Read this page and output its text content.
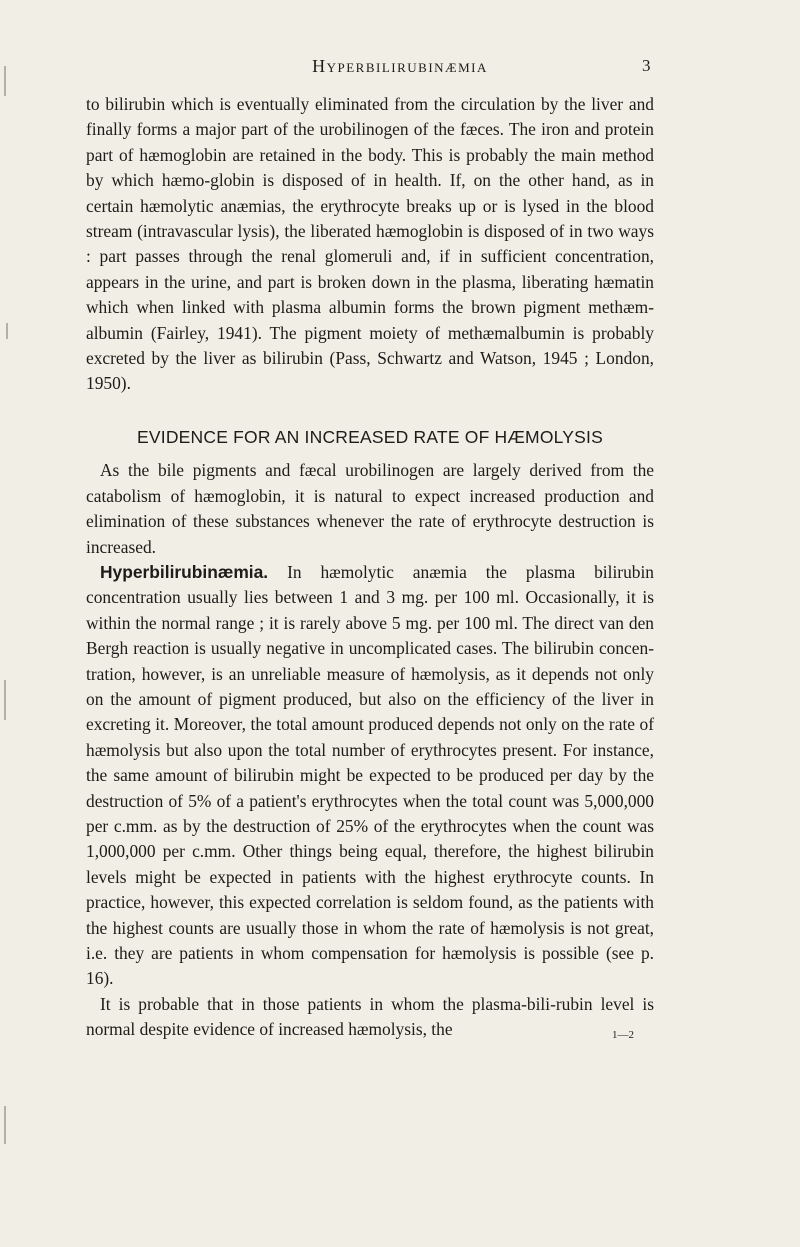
Hyperbilirubinæmia	3

to bilirubin which is eventually eliminated from the circulation by the liver and finally forms a major part of the urobilinogen of the fæces. The iron and protein part of hæmoglobin are retained in the body. This is probably the main method by which hæmo-globin is disposed of in health. If, on the other hand, as in certain hæmolytic anæmias, the erythrocyte breaks up or is lysed in the blood stream (intravascular lysis), the liberated hæmoglobin is disposed of in two ways : part passes through the renal glomeruli and, if in sufficient concentration, appears in the urine, and part is broken down in the plasma, liberating hæmatin which when linked with plasma albumin forms the brown pigment methæm-albumin (Fairley, 1941). The pigment moiety of methæmalbumin is probably excreted by the liver as bilirubin (Pass, Schwartz and Watson, 1945 ; London, 1950).

EVIDENCE FOR AN INCREASED RATE OF HÆMOLYSIS

As the bile pigments and fæcal urobilinogen are largely derived from the catabolism of hæmoglobin, it is natural to expect increased production and elimination of these substances whenever the rate of erythrocyte destruction is increased.

Hyperbilirubinæmia. In hæmolytic anæmia the plasma bilirubin concentration usually lies between 1 and 3 mg. per 100 ml. Occasionally, it is within the normal range ; it is rarely above 5 mg. per 100 ml. The direct van den Bergh reaction is usually negative in uncomplicated cases. The bilirubin concen-tration, however, is an unreliable measure of hæmolysis, as it depends not only on the amount of pigment produced, but also on the efficiency of the liver in excreting it. Moreover, the total amount produced depends not only on the rate of hæmolysis but also upon the total number of erythrocytes present. For instance, the same amount of bilirubin might be expected to be produced per day by the destruction of 5% of a patient's erythrocytes when the total count was 5,000,000 per c.mm. as by the destruction of 25% of the erythrocytes when the count was 1,000,000 per c.mm. Other things being equal, therefore, the highest bilirubin levels might be expected in patients with the highest erythrocyte counts. In practice, however, this expected correlation is seldom found, as the patients with the highest counts are usually those in whom the rate of hæmolysis is not great, i.e. they are patients in whom compensation for hæmolysis is possible (see p. 16).

It is probable that in those patients in whom the plasma-bili-rubin level is normal despite evidence of increased hæmolysis, the	1—2
